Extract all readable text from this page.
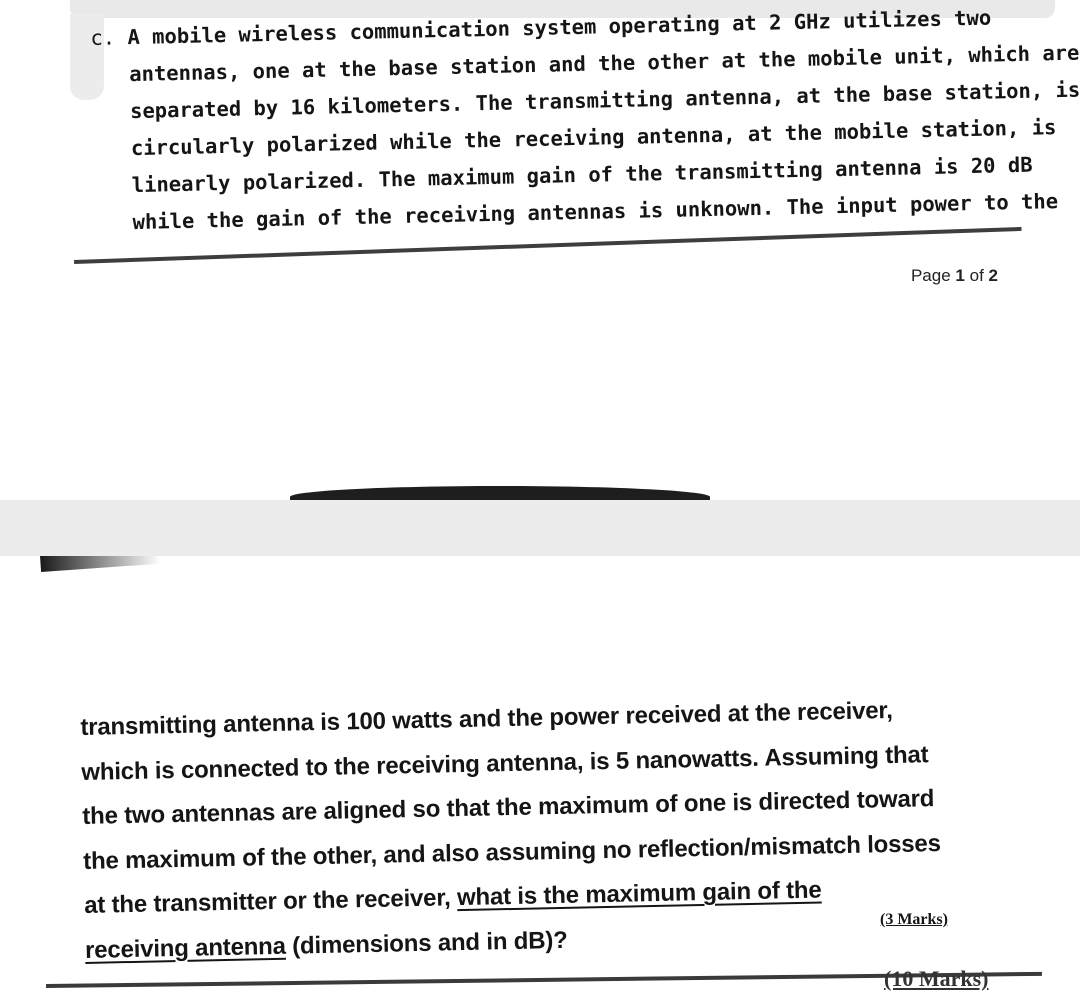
c. A mobile wireless communication system operating at 2 GHz utilizes two
antennas, one at the base station and the other at the mobile unit, which are
separated by 16 kilometers. The transmitting antenna, at the base station, is
circularly polarized while the receiving antenna, at the mobile station, is
linearly polarized. The maximum gain of the transmitting antenna is 20 dB
while the gain of the receiving antennas is unknown. The input power to the
Page 1 of 2
transmitting antenna is 100 watts and the power received at the receiver,
which is connected to the receiving antenna, is 5 nanowatts. Assuming that
the two antennas are aligned so that the maximum of one is directed toward
the maximum of the other, and also assuming no reflection/mismatch losses
at the transmitter or the receiver, what is the maximum gain of the
receiving antenna (dimensions and in dB)?
(3 Marks)
(10 Marks)
